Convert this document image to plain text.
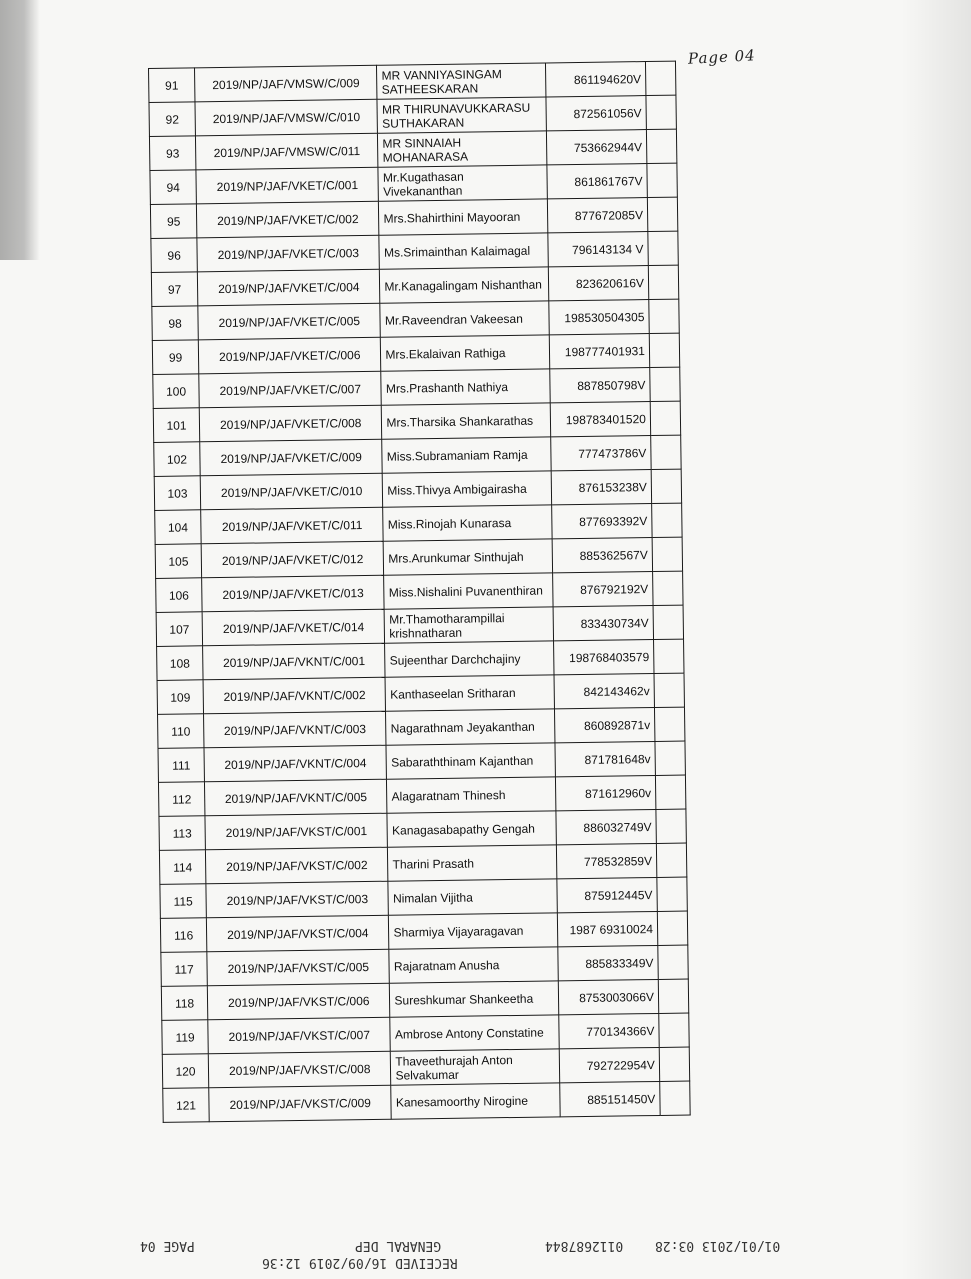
Page 04
91	2019/NP/JAF/VMSW/C/009	MR VANNIYASINGAM SATHEESKARAN	861194620V	
92	2019/NP/JAF/VMSW/C/010	MR THIRUNAVUKKARASU SUTHAKARAN	872561056V	
93	2019/NP/JAF/VMSW/C/011	MR SINNAIAH MOHANARASA	753662944V	
94	2019/NP/JAF/VKET/C/001	Mr.Kugathasan Vivekananthan	861861767V	
95	2019/NP/JAF/VKET/C/002	Mrs.Shahirthini Mayooran	877672085V	
96	2019/NP/JAF/VKET/C/003	Ms.Srimainthan Kalaimagal	796143134 V	
97	2019/NP/JAF/VKET/C/004	Mr.Kanagalingam Nishanthan	823620616V	
98	2019/NP/JAF/VKET/C/005	Mr.Raveendran Vakeesan	198530504305	
99	2019/NP/JAF/VKET/C/006	Mrs.Ekalaivan Rathiga	198777401931	
100	2019/NP/JAF/VKET/C/007	Mrs.Prashanth Nathiya	887850798V	
101	2019/NP/JAF/VKET/C/008	Mrs.Tharsika Shankarathas	198783401520	
102	2019/NP/JAF/VKET/C/009	Miss.Subramaniam Ramja	777473786V	
103	2019/NP/JAF/VKET/C/010	Miss.Thivya Ambigairasha	876153238V	
104	2019/NP/JAF/VKET/C/011	Miss.Rinojah Kunarasa	877693392V	
105	2019/NP/JAF/VKET/C/012	Mrs.Arunkumar Sinthujah	885362567V	
106	2019/NP/JAF/VKET/C/013	Miss.Nishalini Puvanenthiran	876792192V	
107	2019/NP/JAF/VKET/C/014	Mr.Thamotharampillai krishnatharan	833430734V	
108	2019/NP/JAF/VKNT/C/001	Sujeenthar Darchchajiny	198768403579	
109	2019/NP/JAF/VKNT/C/002	Kanthaseelan Sritharan	842143462v	
110	2019/NP/JAF/VKNT/C/003	Nagarathnam Jeyakanthan	860892871v	
111	2019/NP/JAF/VKNT/C/004	Sabaraththinam Kajanthan	871781648v	
112	2019/NP/JAF/VKNT/C/005	Alagaratnam Thinesh	871612960v	
113	2019/NP/JAF/VKST/C/001	Kanagasabapathy Gengah	886032749V	
114	2019/NP/JAF/VKST/C/002	Tharini Prasath	778532859V	
115	2019/NP/JAF/VKST/C/003	Nimalan Vijitha	875912445V	
116	2019/NP/JAF/VKST/C/004	Sharmiya Vijayaragavan	1987 69310024	
117	2019/NP/JAF/VKST/C/005	Rajaratnam Anusha	885833349V	
118	2019/NP/JAF/VKST/C/006	Sureshkumar Shankeetha	8753003066V	
119	2019/NP/JAF/VKST/C/007	Ambrose Antony Constatine	770134366V	
120	2019/NP/JAF/VKST/C/008	Thaveethurajah Anton Selvakumar	792722954V	
121	2019/NP/JAF/VKST/C/009	Kanesamoorthy Nirogine	885151450V	
01/01/2013 03:28
0112687844
GENARAL DEP
PAGE 04
RECEIVED 16/09/2019 12:36
